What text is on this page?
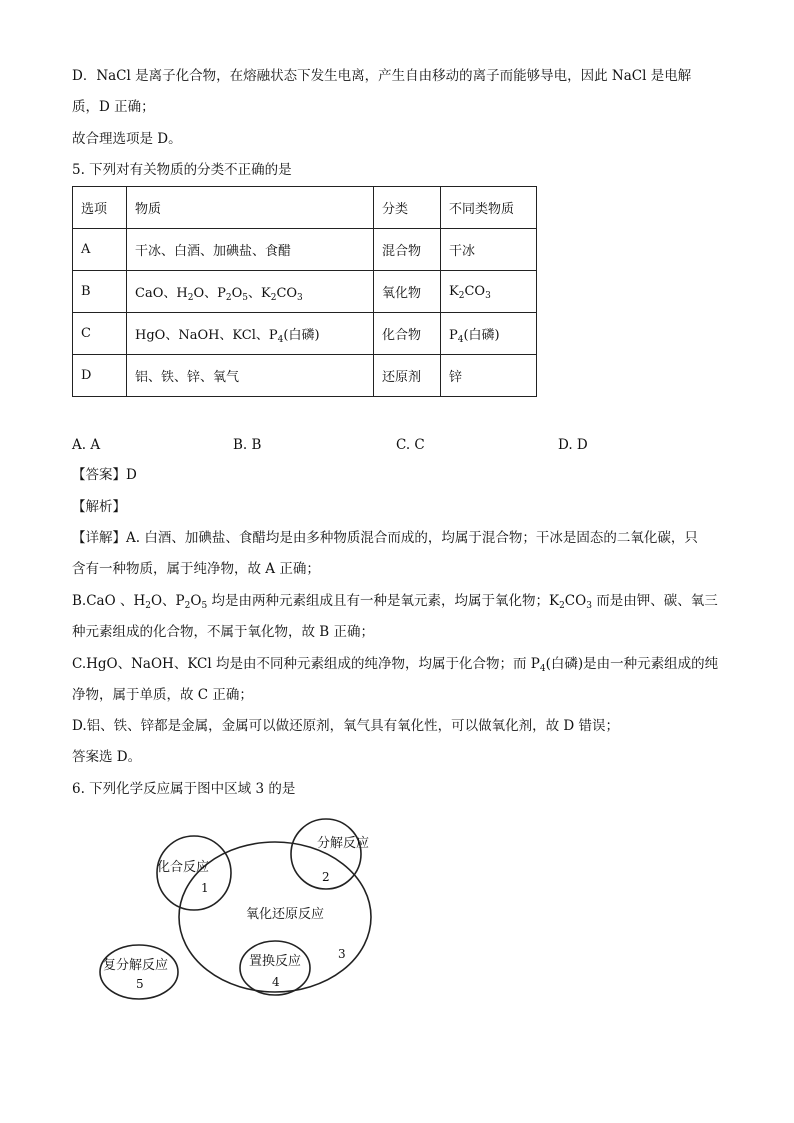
D．NaCl 是离子化合物，在熔融状态下发生电离，产生自由移动的离子而能够导电，因此 NaCl 是电解
质，D 正确；
故合理选项是 D。
5. 下列对有关物质的分类不正确的是
选项	物质	分类	不同类物质
A	干冰、白酒、加碘盐、食醋	混合物	干冰
B	CaO、$H_2O$、$P_2O_5$、$K_2CO_3$	氧化物	$K_2CO_3$
C	HgO、NaOH、KCl、$P_4$(白磷)	化合物	$P_4$(白磷)
D	铝、铁、锌、氧气	还原剂	锌
A. A	B. B	C. C	D. D
【答案】D
【解析】
【详解】A. 白酒、加碘盐、食醋均是由多种物质混合而成的，均属于混合物；干冰是固态的二氧化碳，只
含有一种物质，属于纯净物，故 A 正确；
B.CaO 、$H_2O$、$P_2O_5$ 均是由两种元素组成且有一种是氧元素，均属于氧化物；$K_2CO_3$ 而是由钾、碳、氧三
种元素组成的化合物，不属于氧化物，故 B 正确；
C.HgO、NaOH、KCl 均是由不同种元素组成的纯净物，均属于化合物；而 $P_4$(白磷)是由一种元素组成的纯
净物，属于单质，故 C 正确；
D.铝、铁、锌都是金属，金属可以做还原剂，氧气具有氧化性，可以做氧化剂，故 D 错误；
答案选 D。
6. 下列化学反应属于图中区域 3 的是
化合反应
1
分解反应
2
氧化还原反应
3
置换反应
4
复分解反应
5
